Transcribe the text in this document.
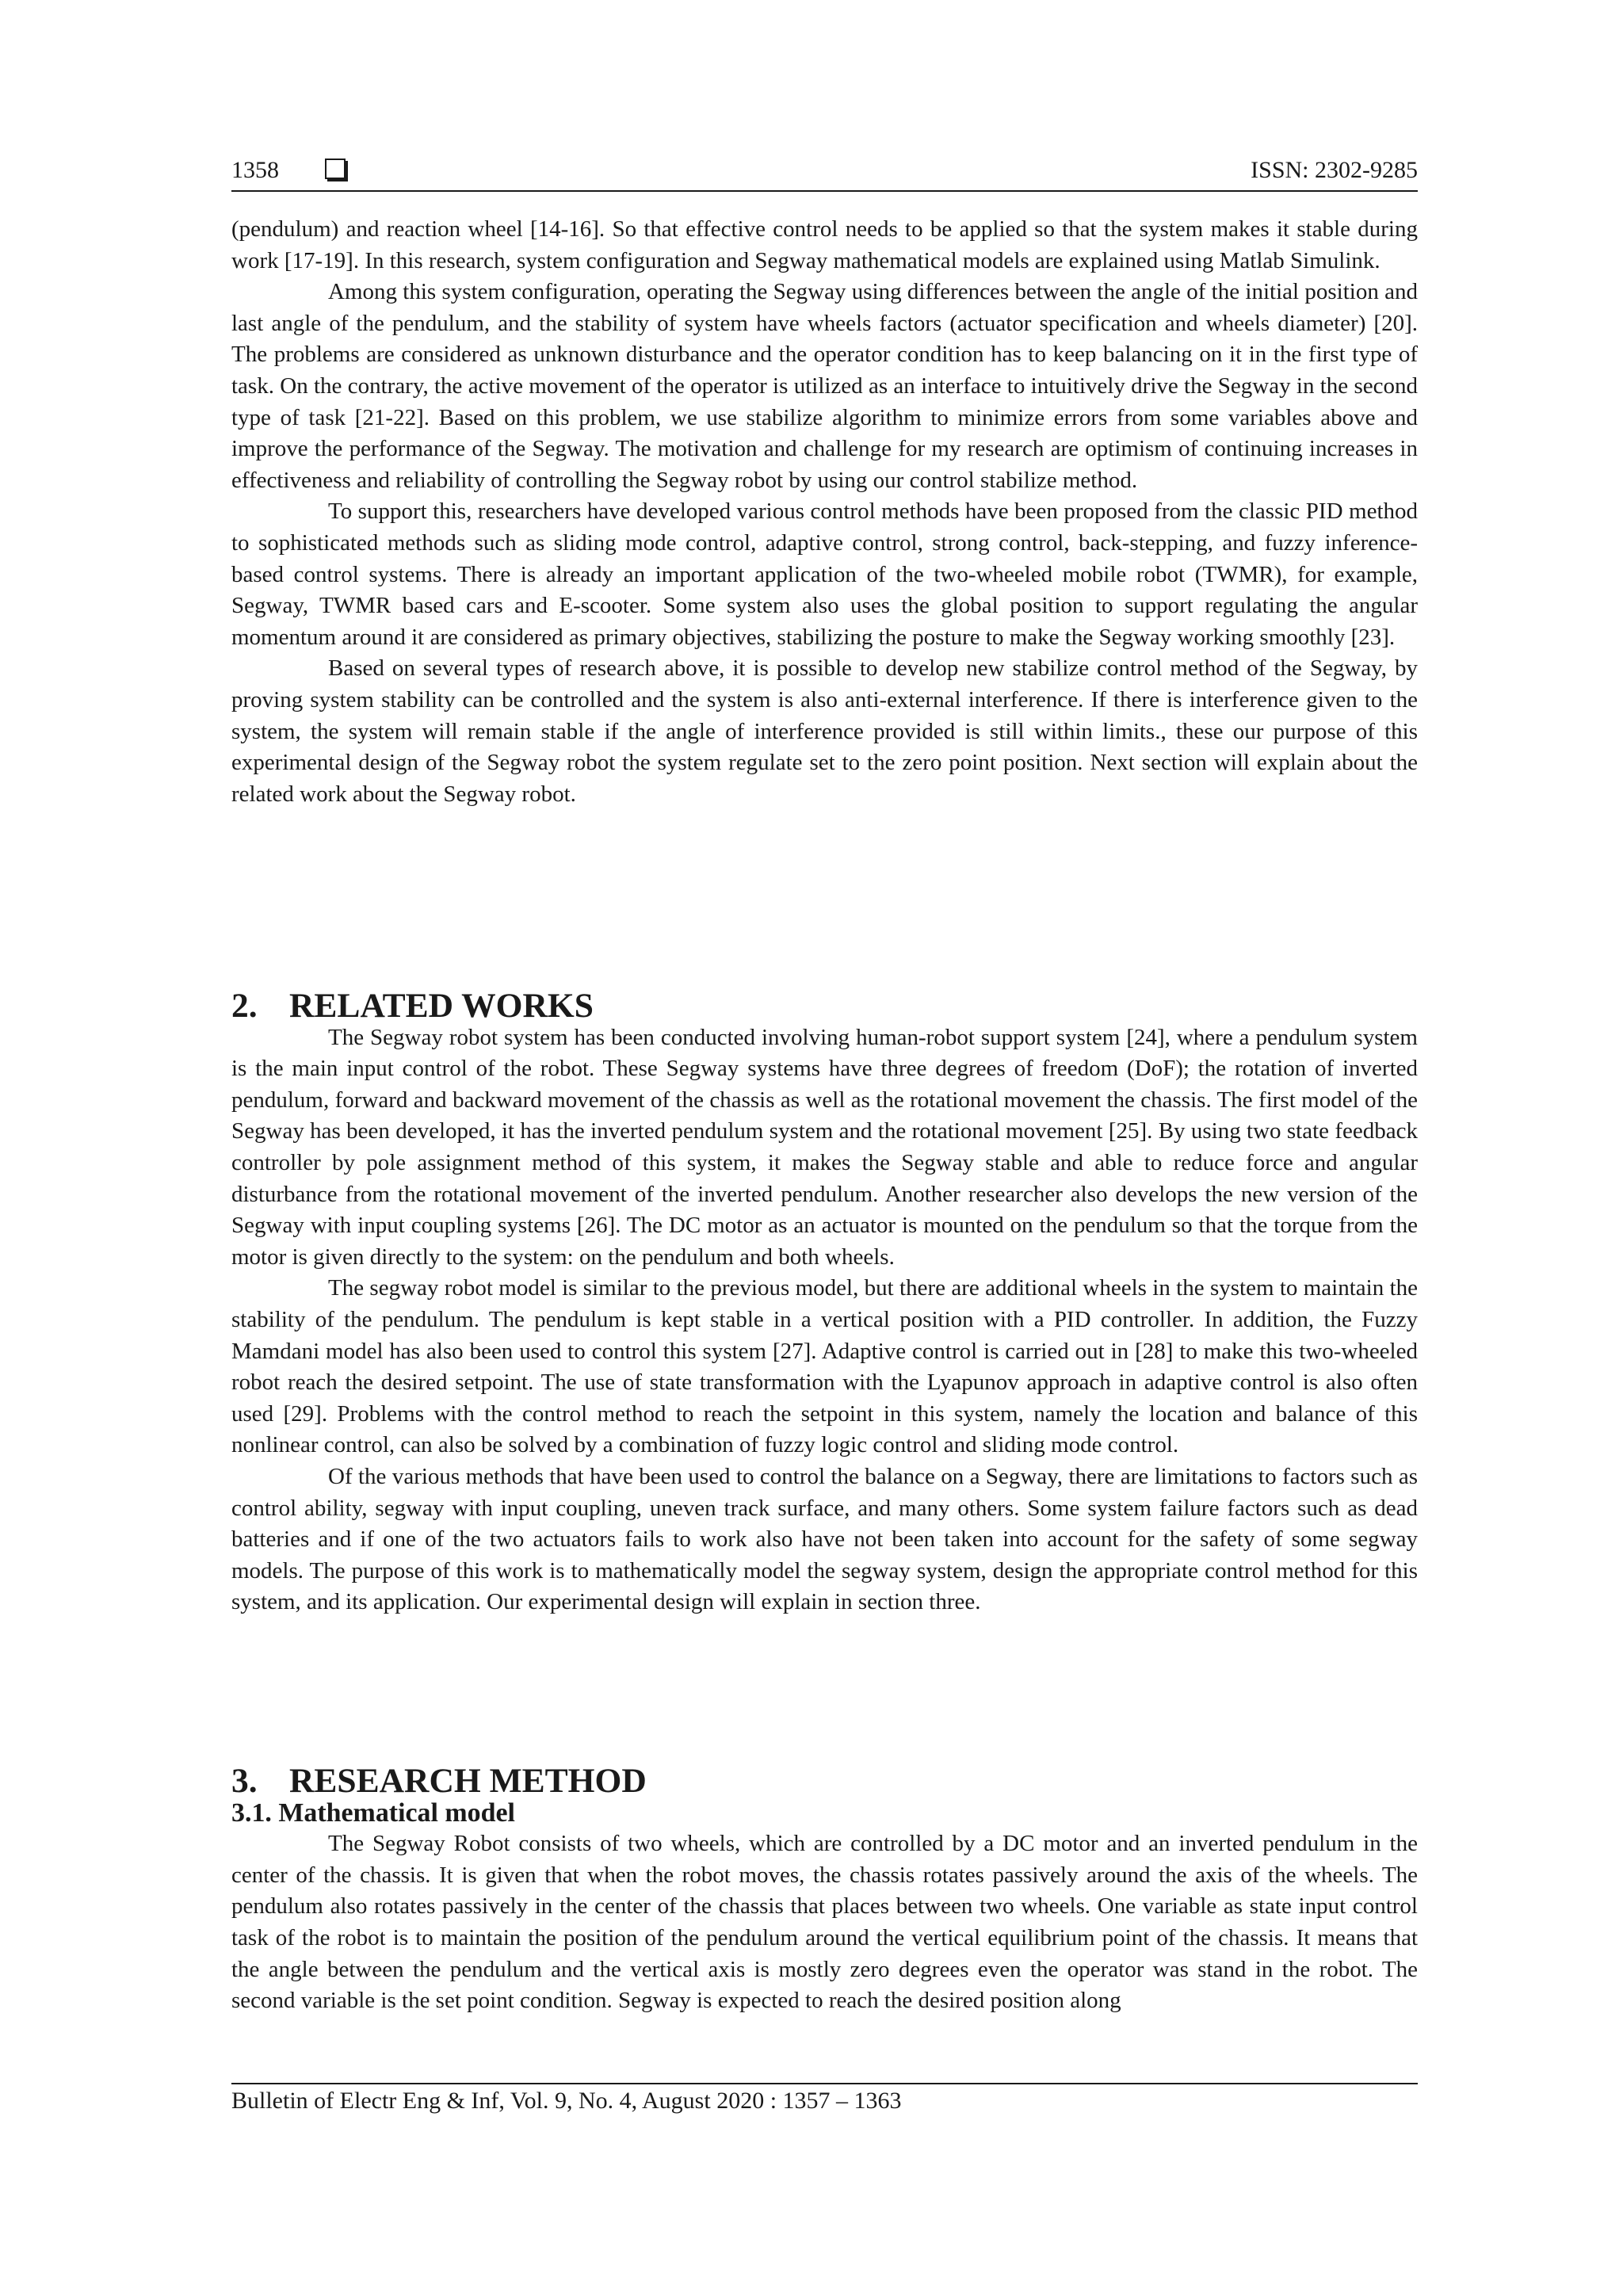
1358	ISSN: 2302-9285

(pendulum) and reaction wheel [14-16]. So that effective control needs to be applied so that the system makes it stable during work [17-19]. In this research, system configuration and Segway mathematical models are explained using Matlab Simulink.

Among this system configuration, operating the Segway using differences between the angle of the initial position and last angle of the pendulum, and the stability of system have wheels factors (actuator specification and wheels diameter) [20]. The problems are considered as unknown disturbance and the operator condition has to keep balancing on it in the first type of task. On the contrary, the active movement of the operator is utilized as an interface to intuitively drive the Segway in the second type of task [21-22]. Based on this problem, we use stabilize algorithm to minimize errors from some variables above and improve the performance of the Segway. The motivation and challenge for my research are optimism of continuing increases in effectiveness and reliability of controlling the Segway robot by using our control stabilize method.

To support this, researchers have developed various control methods have been proposed from the classic PID method to sophisticated methods such as sliding mode control, adaptive control, strong control, back-stepping, and fuzzy inference-based control systems. There is already an important application of the two-wheeled mobile robot (TWMR), for example, Segway, TWMR based cars and E-scooter. Some system also uses the global position to support regulating the angular momentum around it are considered as primary objectives, stabilizing the posture to make the Segway working smoothly [23].

Based on several types of research above, it is possible to develop new stabilize control method of the Segway, by proving system stability can be controlled and the system is also anti-external interference. If there is interference given to the system, the system will remain stable if the angle of interference provided is still within limits., these our purpose of this experimental design of the Segway robot the system regulate set to the zero point position. Next section will explain about the related work about the Segway robot.

2. RELATED WORKS

The Segway robot system has been conducted involving human-robot support system [24], where a pendulum system is the main input control of the robot. These Segway systems have three degrees of freedom (DoF); the rotation of inverted pendulum, forward and backward movement of the chassis as well as the rotational movement the chassis. The first model of the Segway has been developed, it has the inverted pendulum system and the rotational movement [25]. By using two state feedback controller by pole assignment method of this system, it makes the Segway stable and able to reduce force and angular disturbance from the rotational movement of the inverted pendulum. Another researcher also develops the new version of the Segway with input coupling systems [26]. The DC motor as an actuator is mounted on the pendulum so that the torque from the motor is given directly to the system: on the pendulum and both wheels.

The segway robot model is similar to the previous model, but there are additional wheels in the system to maintain the stability of the pendulum. The pendulum is kept stable in a vertical position with a PID controller. In addition, the Fuzzy Mamdani model has also been used to control this system [27]. Adaptive control is carried out in [28] to make this two-wheeled robot reach the desired setpoint. The use of state transformation with the Lyapunov approach in adaptive control is also often used [29]. Problems with the control method to reach the setpoint in this system, namely the location and balance of this nonlinear control, can also be solved by a combination of fuzzy logic control and sliding mode control.

Of the various methods that have been used to control the balance on a Segway, there are limitations to factors such as control ability, segway with input coupling, uneven track surface, and many others. Some system failure factors such as dead batteries and if one of the two actuators fails to work also have not been taken into account for the safety of some segway models. The purpose of this work is to mathematically model the segway system, design the appropriate control method for this system, and its application. Our experimental design will explain in section three.

3. RESEARCH METHOD
3.1. Mathematical model

The Segway Robot consists of two wheels, which are controlled by a DC motor and an inverted pendulum in the center of the chassis. It is given that when the robot moves, the chassis rotates passively around the axis of the wheels. The pendulum also rotates passively in the center of the chassis that places between two wheels. One variable as state input control task of the robot is to maintain the position of the pendulum around the vertical equilibrium point of the chassis. It means that the angle between the pendulum and the vertical axis is mostly zero degrees even the operator was stand in the robot. The second variable is the set point condition. Segway is expected to reach the desired position along

Bulletin of Electr Eng & Inf, Vol. 9, No. 4, August 2020 : 1357 – 1363
